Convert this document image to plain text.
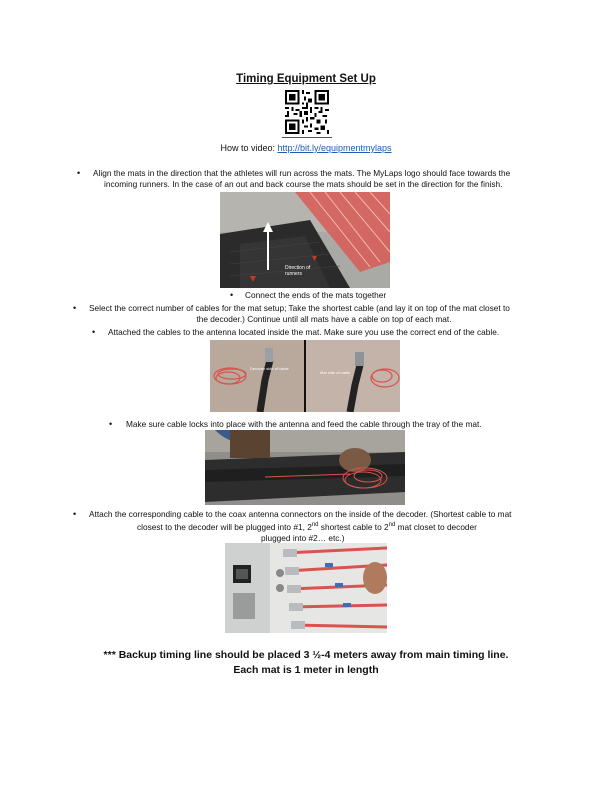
Timing Equipment Set Up
How to video: http://bit.ly/equipmentmylaps
• Align the mats in the direction that the athletes will run across the mats. The MyLaps logo should face towards the
incoming runners. In the case of an out and back course the mats should be set in the direction for the finish.
Direction of
runners
• Connect the ends of the mats together
• Select the correct number of cables for the mat setup; Take the shortest cable (and lay it on top of the mat closet to
the decoder.) Continue until all mats have a cable on top of each mat.
• Attached the cables to the antenna located inside the mat. Make sure you use the correct end of the cable.
Decoder side of cable
Mat side of cable
• Make sure cable locks into place with the antenna and feed the cable through the tray of the mat.
• Attach the corresponding cable to the coax antenna connectors on the inside of the decoder. (Shortest cable to mat
closest to the decoder will be plugged into #1, 2nd shortest cable to 2nd mat closet to decoder
plugged into #2… etc.)
*** Backup timing line should be placed 3 ½-4 meters away from main timing line.
Each mat is 1 meter in length
